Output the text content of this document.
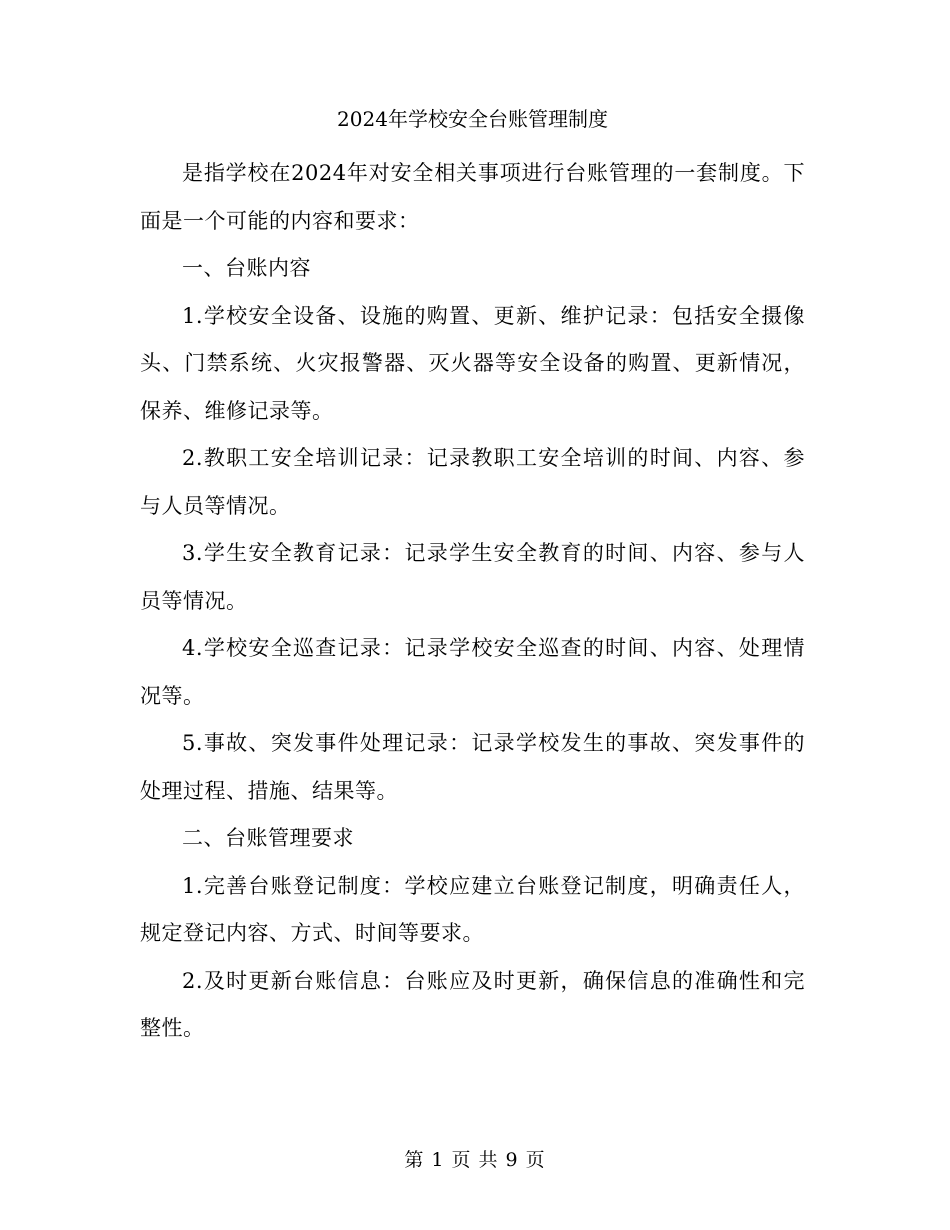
2024年学校安全台账管理制度

是指学校在2024年对安全相关事项进行台账管理的一套制度。下面是一个可能的内容和要求：

一、台账内容

1.学校安全设备、设施的购置、更新、维护记录：包括安全摄像头、门禁系统、火灾报警器、灭火器等安全设备的购置、更新情况，保养、维修记录等。

2.教职工安全培训记录：记录教职工安全培训的时间、内容、参与人员等情况。

3.学生安全教育记录：记录学生安全教育的时间、内容、参与人员等情况。

4.学校安全巡查记录：记录学校安全巡查的时间、内容、处理情况等。

5.事故、突发事件处理记录：记录学校发生的事故、突发事件的处理过程、措施、结果等。

二、台账管理要求

1.完善台账登记制度：学校应建立台账登记制度，明确责任人，规定登记内容、方式、时间等要求。

2.及时更新台账信息：台账应及时更新，确保信息的准确性和完整性。

第 1 页 共 9 页
